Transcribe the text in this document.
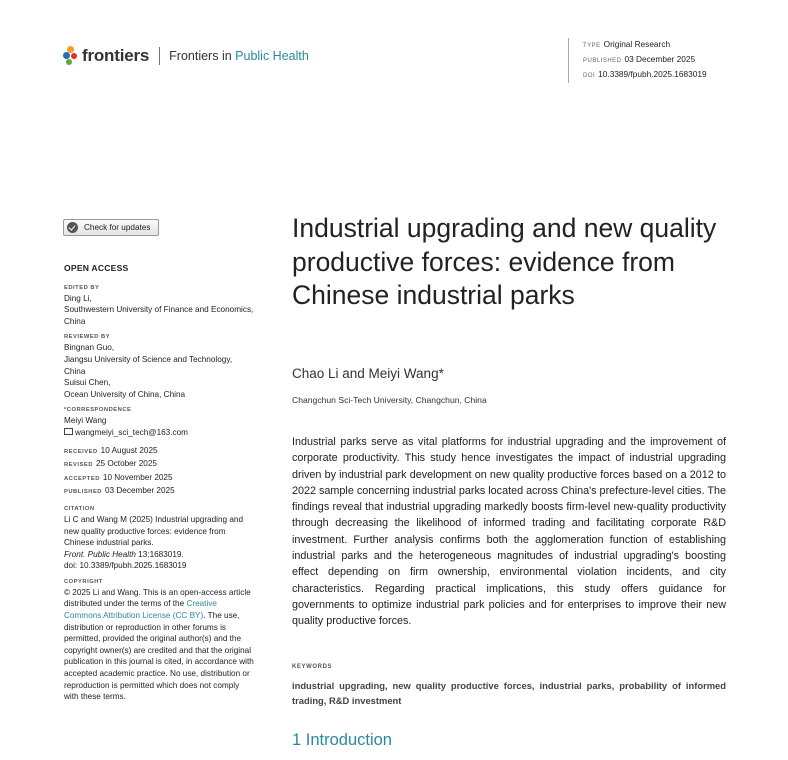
frontiers Frontiers in Public Health
TYPE Original Research
PUBLISHED 03 December 2025
DOI 10.3389/fpubh.2025.1683019
Check for updates
OPEN ACCESS
EDITED BY
Ding Li,
Southwestern University of Finance and Economics, China
REVIEWED BY
Bingnan Guo,
Jiangsu University of Science and Technology, China
Suisui Chen,
Ocean University of China, China
*CORRESPONDENCE
Meiyi Wang
wangmeiyi_sci_tech@163.com
RECEIVED 10 August 2025
REVISED 25 October 2025
ACCEPTED 10 November 2025
PUBLISHED 03 December 2025
CITATION
Li C and Wang M (2025) Industrial upgrading and new quality productive forces: evidence from Chinese industrial parks.
Front. Public Health 13:1683019.
doi: 10.3389/fpubh.2025.1683019
COPYRIGHT
© 2025 Li and Wang. This is an open-access article distributed under the terms of the Creative Commons Attribution License (CC BY). The use, distribution or reproduction in other forums is permitted, provided the original author(s) and the copyright owner(s) are credited and that the original publication in this journal is cited, in accordance with accepted academic practice. No use, distribution or reproduction is permitted which does not comply with these terms.
Industrial upgrading and new quality productive forces: evidence from Chinese industrial parks
Chao Li and Meiyi Wang*
Changchun Sci-Tech University, Changchun, China
Industrial parks serve as vital platforms for industrial upgrading and the improvement of corporate productivity. This study hence investigates the impact of industrial upgrading driven by industrial park development on new quality productive forces based on a 2012 to 2022 sample concerning industrial parks located across China's prefecture-level cities. The findings reveal that industrial upgrading markedly boosts firm-level new-quality productivity through decreasing the likelihood of informed trading and facilitating corporate R&D investment. Further analysis confirms both the agglomeration function of establishing industrial parks and the heterogeneous magnitudes of industrial upgrading's boosting effect depending on firm ownership, environmental violation incidents, and city characteristics. Regarding practical implications, this study offers guidance for governments to optimize industrial park policies and for enterprises to improve their new quality productive forces.
KEYWORDS
industrial upgrading, new quality productive forces, industrial parks, probability of informed trading, R&D investment
1 Introduction
